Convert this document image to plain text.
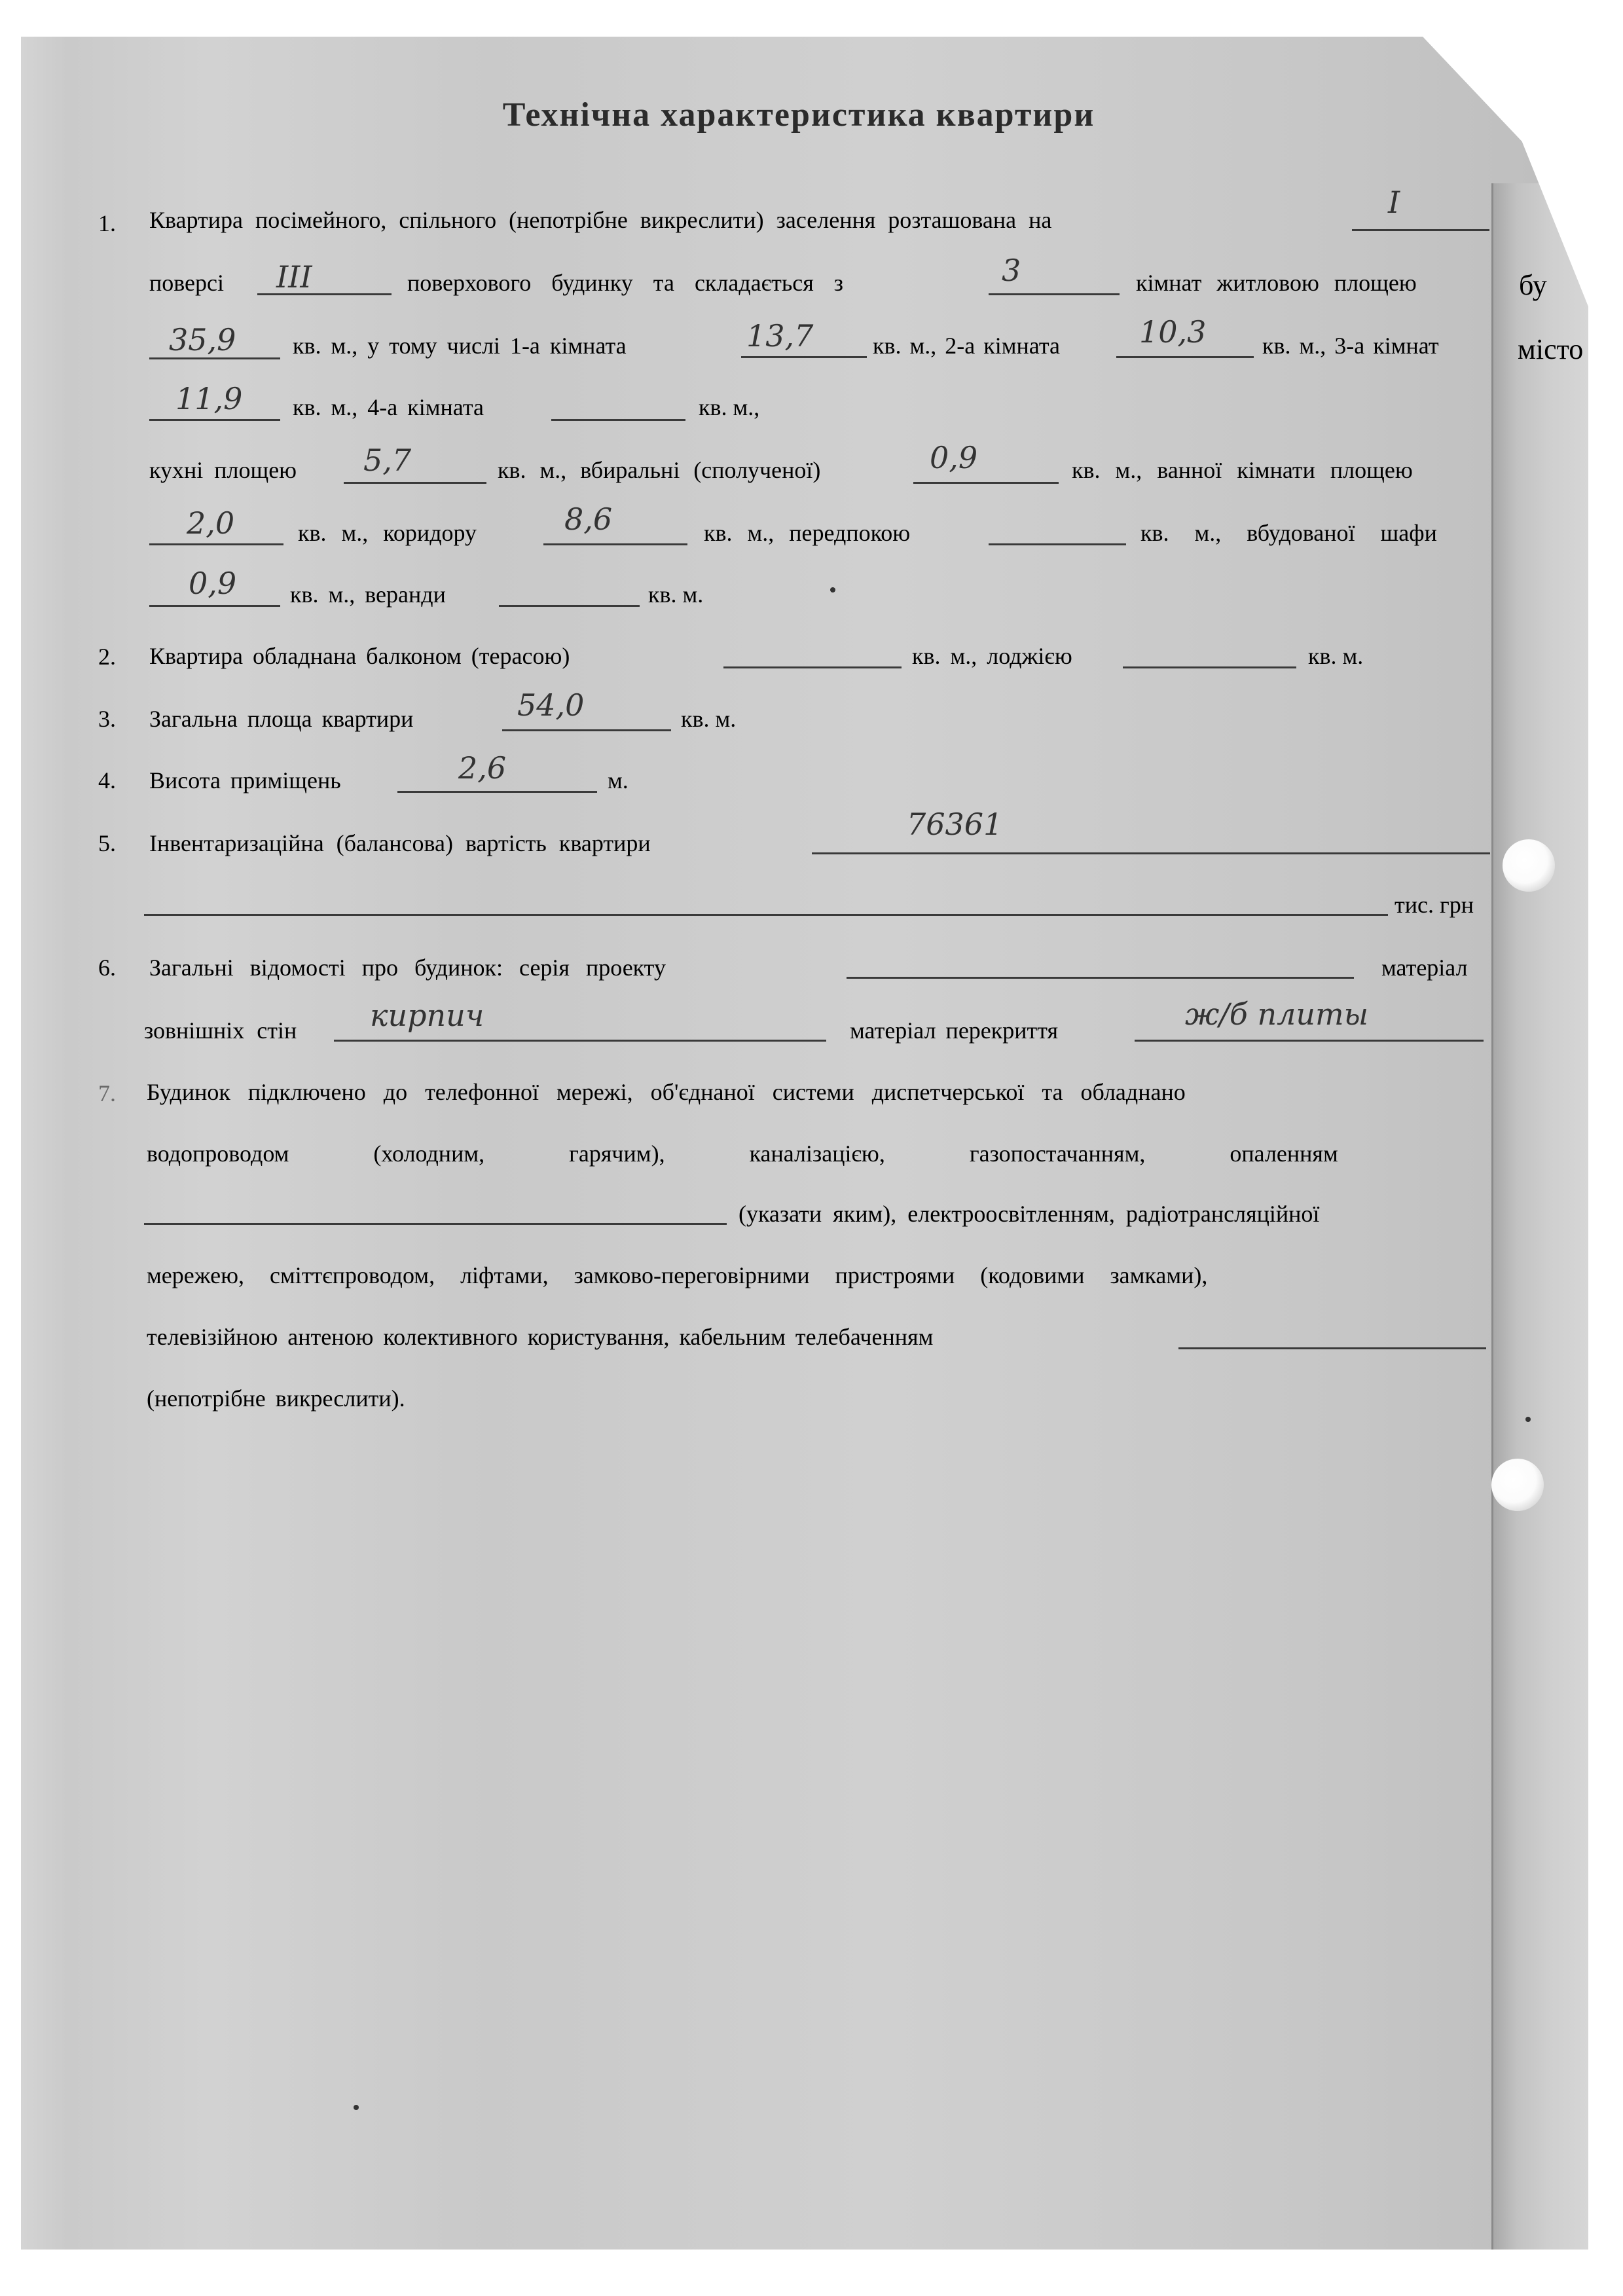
Технічна характеристика квартири
1. Квартира посімейного, спільного (непотрібне викреслити) заселення розташована на	I
поверсі III	поверхового будинку та складається з	3	кімнат житловою площею	бу
35,9 кв. м., у тому числі 1-а кімната	13,7	кв. м., 2-а кімната	10,3 кв. м., 3-а кімнат	місто
11,9 кв. м., 4-а кімната	кв. м.,
кухні площею 5,7	кв. м., вбиральні (сполученої)	0,9	кв. м., ванної кімнати площею
2,0	кв. м., коридору	8,6	кв. м., передпокою	кв. м., вбудованої шафи
0,9 кв. м., веранди	кв. м.
2. Квартира обладнана балконом (терасою)	кв. м., лоджією	кв. м.
3. Загальна площа квартири	54,0	кв. м.
4. Висота приміщень	2,6	м.
5. Інвентаризаційна (балансова) вартість квартири
76361
тис. грн
6. Загальні відомості про будинок: серія проекту	матеріал
зовнішніх стін кирпич	матеріал перекриття	ж/б плиты
7. Будинок підключено до телефонної мережі, об'єднаної системи диспетчерської та обладнано
водопроводом (холодним, гарячим), каналізацією, газопостачанням, опаленням
(указати яким), електроосвітленням, радіотрансляційної
мережею, сміттєпроводом, ліфтами, замково-переговірними пристроями (кодовими замками),
телевізійною антеною колективного користування, кабельним телебаченням
(непотрібне викреслити).
